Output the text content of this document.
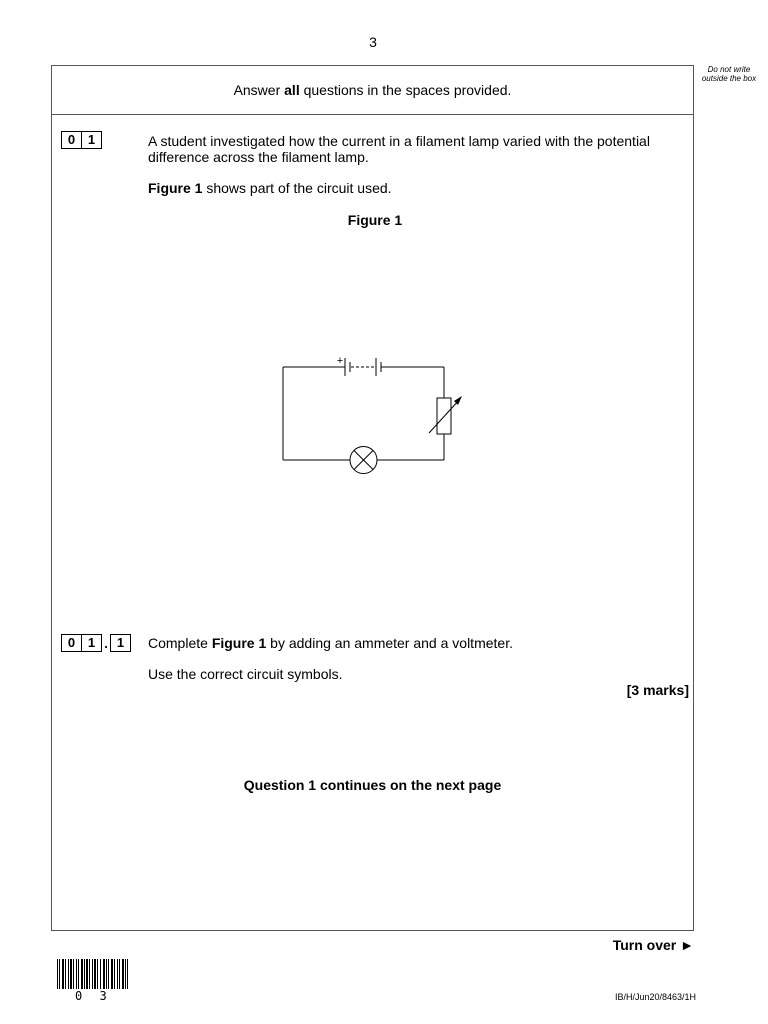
3
Do not write outside the box
Answer all questions in the spaces provided.
0 1	A student investigated how the current in a filament lamp varied with the potential
difference across the filament lamp.
Figure 1 shows part of the circuit used.
Figure 1
+
0 1 . 1	Complete Figure 1 by adding an ammeter and a voltmeter.
Use the correct circuit symbols.
[3 marks]
Question 1 continues on the next page
Turn over ►
0 3	IB/H/Jun20/8463/1H
